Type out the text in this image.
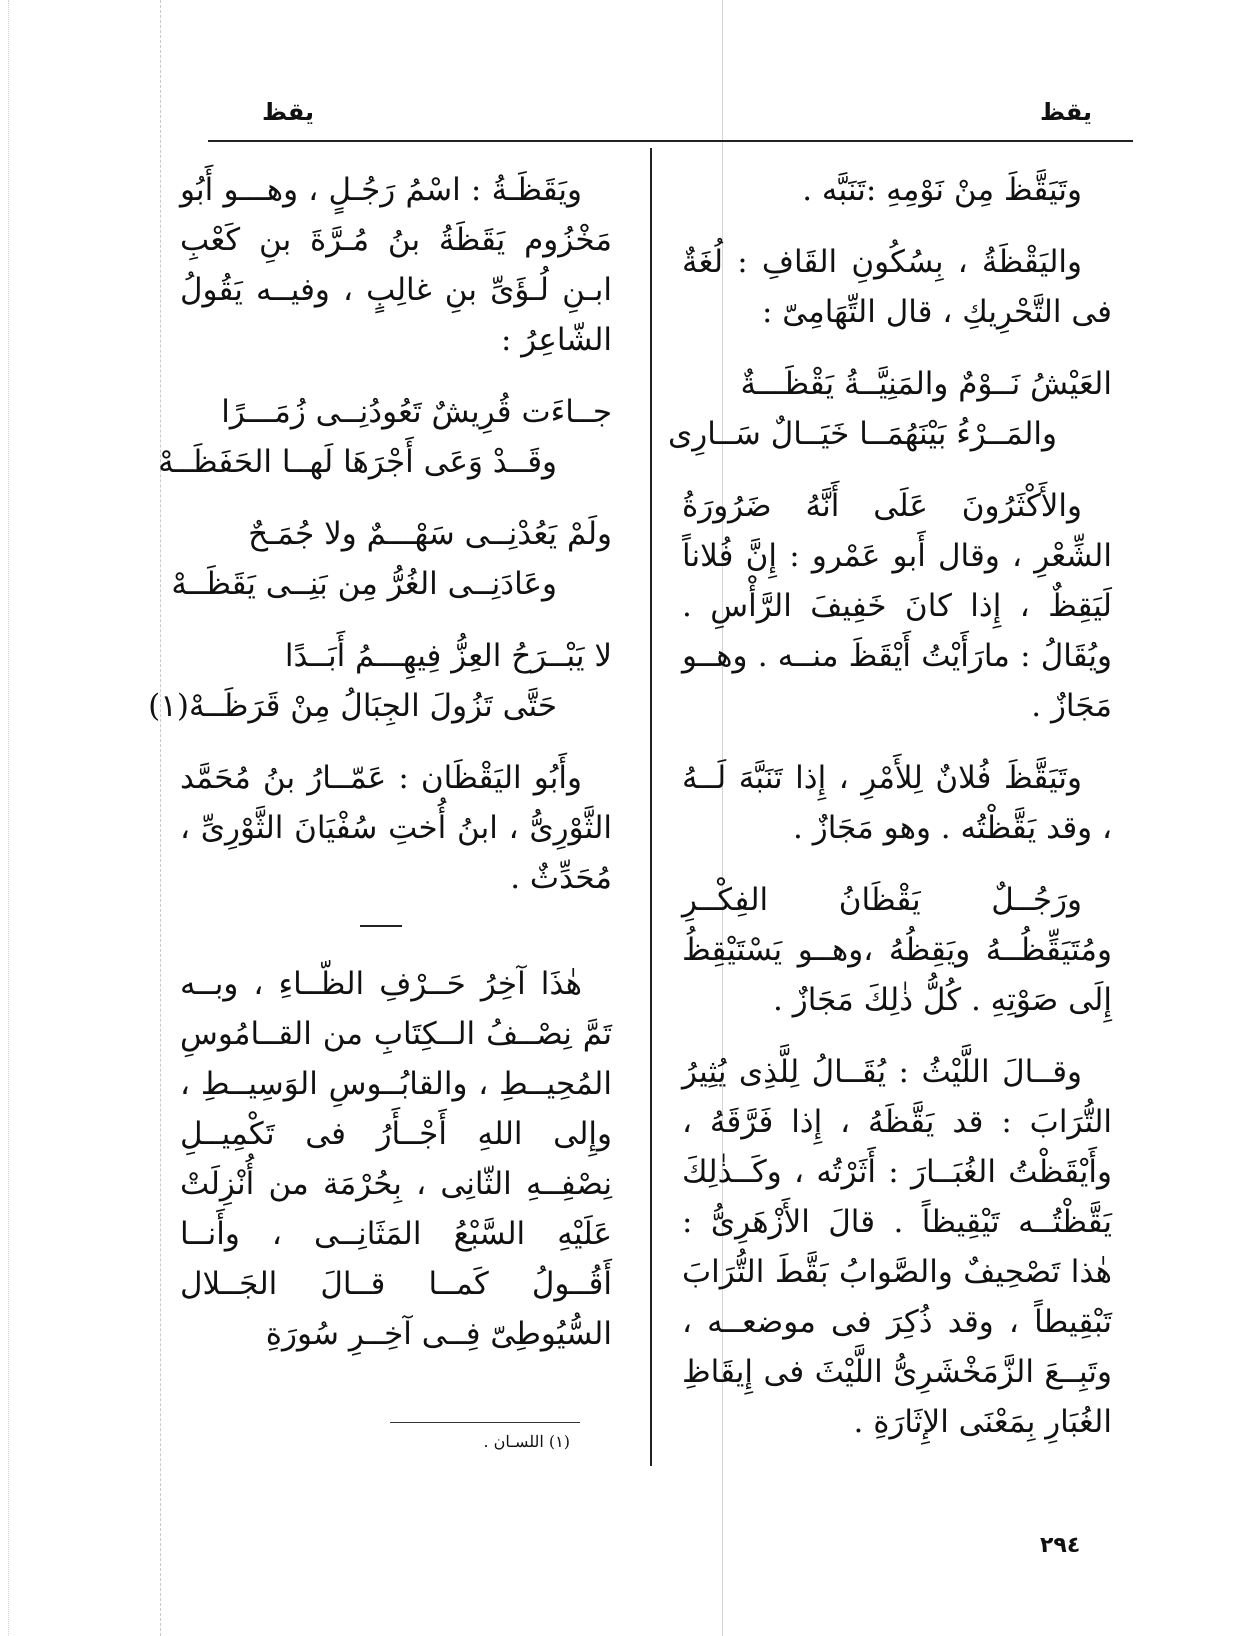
يقظ
يقظ

وتَيَقَّظَ مِنْ نَوْمِهِ :تَنَبَّه .

واليَقْظَةُ ، بِسُكُونِ القَافِ : لُغَةٌ فى التَّحْرِيكِ ، قال التِّهَامِىّ :

العَيْشُ نَــوْمٌ والمَنِيَّــةُ يَقْظَـــةٌ
والمَــرْءُ بَيْنَهُمَــا خَيَــالٌ سَــارِى

والأَكْثَرُونَ عَلَى أَنَّهُ ضَرُورَةُ الشِّعْرِ ، وقال أَبو عَمْرو : إِنَّ فُلاناً لَيَقِظٌ ، إِذا كانَ خَفِيفَ الرَّأْسِ . ويُقَالُ : مارَأَيْتُ أَيْقَظَ منــه . وهــو مَجَازٌ .

وتَيَقَّظَ فُلانٌ لِلأَمْرِ ، إِذا تَنَبَّهَ لَــهُ ، وقد يَقَّظْتُه . وهو مَجَازٌ .

ورَجُــلٌ يَقْظَانُ الفِكْــرِ ومُتَيَقِّظُــهُ ويَقِظُهُ ،وهــو يَسْتَيْقِظُ إِلَى صَوْتِهِ . كُلُّ ذٰلِكَ مَجَازٌ .

وقــالَ اللَّيْثُ : يُقَــالُ لِلَّذِى يُثِيرُ التُّرَابَ : قد يَقَّظَهُ ، إِذا فَرَّقَهُ ، وأَيْقَظْتُ الغُبَــارَ : أَثَرْتُه ، وكَــذٰلِكَ يَقَّظْتُــه تَيْقِيظاً . قالَ الأَزْهَرِىُّ : هٰذا تَصْحِيفٌ والصَّوابُ بَقَّطَ التُّرَابَ تَبْقِيطاً ، وقد ذُكِرَ فى موضعــه ، وتَبِــعَ الزَّمَخْشَرِىُّ اللَّيْثَ فى إِيقَاظِ الغُبَارِ بِمَعْنَى الإِثَارَةِ .

ويَقَظَـةُ : اسْمُ رَجُـلٍ ، وهـــو أَبُو مَخْزُوم يَقَظَةُ بنُ مُـرَّةَ بنِ كَعْبِ ابـنِ لُـؤَىِّ بنِ غالِبٍ ، وفيــه يَقُولُ الشّاعِرُ :

جــاءَت قُرِيشٌ تَعُودُنِــى زُمَـــرًا
وقَــدْ وَعَى أَجْرَهَا لَهــا الحَفَظَــهْ
ولَمْ يَعُدْنِــى سَهْـــمٌ ولا جُمَـحٌ
وعَادَنِــى الغُرُّ مِن بَنِــى يَقَظَــهْ
لا يَبْــرَحُ العِزُّ فِيهِـــمُ أَبَــدًا
حَتَّى تَزُولَ الجِبَالُ مِنْ قَرَظَــهْ(١)

وأَبُو اليَقْظَان : عَمّــارُ بنُ مُحَمَّد الثَّوْرِىُّ ، ابنُ أُختِ سُفْيَانَ الثَّوْرِىِّ ، مُحَدِّثٌ .

هٰذَا آخِرُ حَــرْفِ الظّــاءِ ، وبــه تَمَّ نِصْــفُ الــكِتَابِ من القــامُوسِ المُحِيــطِ ، والقابُــوسِ الوَسِيــطِ ، وإِلى اللهِ أَجْــأَرُ فى تَكْمِيــلِ نِصْفِــهِ الثّانِى ، بِحُرْمَة من أُنْزِلَتْ عَلَيْهِ السَّبْعُ المَثَانِــى ، وأَنــا أَقُــولُ كَمــا قــالَ الجَــلال السُّيُوطِىّ فِــى آخِــرِ سُورَةِ

(١) اللسـان .
٢٩٤
